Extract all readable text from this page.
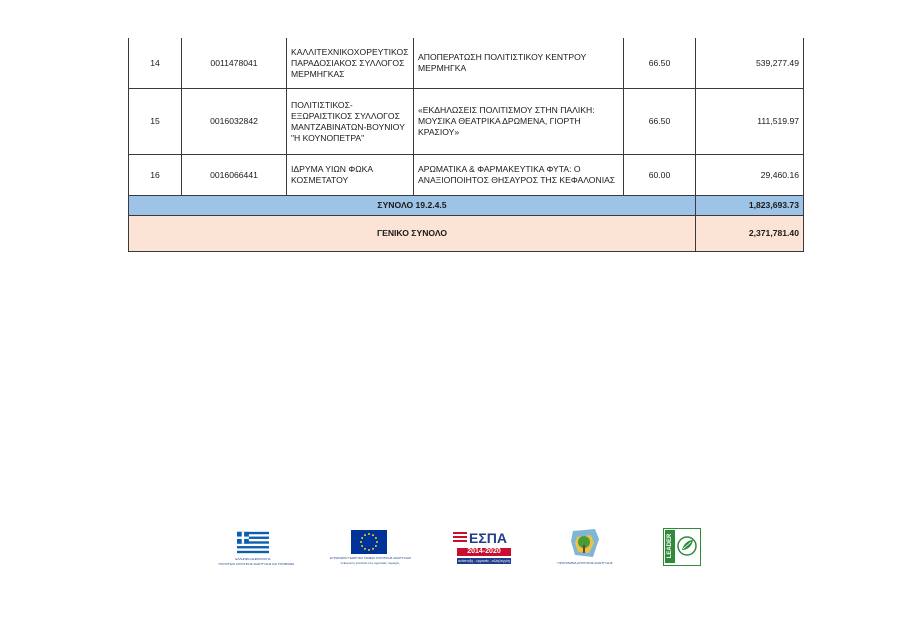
14	0011478041	ΚΑΛΛΙΤΕΧΝΙΚΟΧΟΡΕΥΤΙΚΟΣ ΠΑΡΑΔΟΣΙΑΚΟΣ ΣΥΛΛΟΓΟΣ ΜΕΡΜΗΓΚΑΣ	ΑΠΟΠΕΡΑΤΩΣΗ ΠΟΛΙΤΙΣΤΙΚΟΥ ΚΕΝΤΡΟΥ ΜΕΡΜΗΓΚΑ	66.50	539,277.49
15	0016032842	ΠΟΛΙΤΙΣΤΙΚΟΣ-ΕΞΩΡΑΙΣΤΙΚΟΣ ΣΥΛΛΟΓΟΣ ΜΑΝΤΖΑΒΙΝΑΤΩΝ-ΒΟΥΝΙΟΥ "Η ΚΟΥΝΟΠΕΤΡΑ"	«ΕΚΔΗΛΩΣΕΙΣ ΠΟΛΙΤΙΣΜΟΥ ΣΤΗΝ ΠΑΛΙΚΗ: ΜΟΥΣΙΚΑ ΘΕΑΤΡΙΚΑ ΔΡΩΜΕΝΑ, ΓΙΟΡΤΗ ΚΡΑΣΙΟΥ»	66.50	111,519.97
16	0016066441	ΙΔΡΥΜΑ ΥΙΩΝ ΦΩΚΑ ΚΟΣΜΕΤΑΤΟΥ	ΑΡΩΜΑΤΙΚΑ & ΦΑΡΜΑΚΕΥΤΙΚΑ ΦΥΤΑ: Ο ΑΝΑΞΙΟΠΟΙΗΤΟΣ ΘΗΣΑΥΡΟΣ ΤΗΣ ΚΕΦΑΛΟΝΙΑΣ	60.00	29,460.16
ΣΥΝΟΛΟ 19.2.4.5					1,823,693.73
ΓΕΝΙΚΟ ΣΥΝΟΛΟ					2,371,781.40
ΕΛΛΗΝΙΚΗ ΔΗΜΟΚΡΑΤΙΑ
ΥΠΟΥΡΓΕΙΟ ΑΓΡΟΤΙΚΗΣ ΑΝΑΠΤΥΞΗΣ ΚΑΙ ΤΡΟΦΙΜΩΝ
ΕΥΡΩΠΑΪΚΟ ΓΕΩΡΓΙΚΟ ΤΑΜΕΙΟ ΑΓΡΟΤΙΚΗΣ ΑΝΑΠΤΥΞΗΣ
Η Ευρώπη επενδύει στις αγροτικές περιοχές
ΕΣΠΑ
2014-2020
ανάπτυξη - εργασία - αλληλεγγύη	ΠΡΟΓΡΑΜΜΑ ΑΓΡΟΤΙΚΗΣ ΑΝΑΠΤΥΞΗΣ
LEADER
